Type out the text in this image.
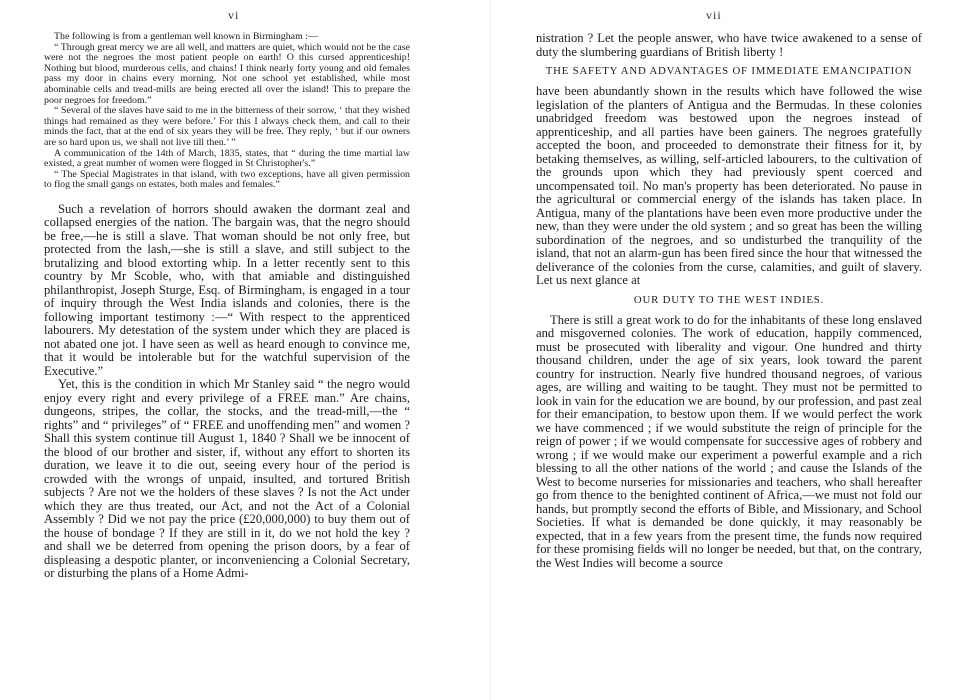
vi

The following is from a gentleman well known in Birmingham :—

“ Through great mercy we are all well, and matters are quiet, which would not be the case were not the negroes the most patient people on earth! O this cursed apprenticeship! Nothing but blood, murderous cells, and chains! I think nearly forty young and old females pass my door in chains every morning. Not one school yet established, while most abominable cells and tread-mills are being erected all over the island! This to prepare the poor negroes for freedom.”

“ Several of the slaves have said to me in the bitterness of their sorrow, ‘ that they wished things had remained as they were before.’ For this I always check them, and call to their minds the fact, that at the end of six years they will be free. They reply, ‘ but if our owners are so hard upon us, we shall not live till then.’ ”

A communication of the 14th of March, 1835, states, that “ during the time martial law existed, a great number of women were flogged in St Christopher's.”

“ The Special Magistrates in that island, with two exceptions, have all given permission to flog the small gangs on estates, both males and females.”

Such a revelation of horrors should awaken the dormant zeal and collapsed energies of the nation. The bargain was, that the negro should be free,—he is still a slave. That woman should be not only free, but protected from the lash,—she is still a slave, and still subject to the brutalizing and blood extorting whip. In a letter recently sent to this country by Mr Scoble, who, with that amiable and distinguished philanthropist, Joseph Sturge, Esq. of Birmingham, is engaged in a tour of inquiry through the West India islands and colonies, there is the following important testimony :—“ With respect to the apprenticed labourers. My detestation of the system under which they are placed is not abated one jot. I have seen as well as heard enough to convince me, that it would be intolerable but for the watchful supervision of the Executive.”

Yet, this is the condition in which Mr Stanley said “ the negro would enjoy every right and every privilege of a FREE man.” Are chains, dungeons, stripes, the collar, the stocks, and the tread-mill,—the “ rights” and “ privileges” of “ FREE and unoffending men” and women ? Shall this system continue till August 1, 1840 ? Shall we be innocent of the blood of our brother and sister, if, without any effort to shorten its duration, we leave it to die out, seeing every hour of the period is crowded with the wrongs of unpaid, insulted, and tortured British subjects ? Are not we the holders of these slaves ? Is not the Act under which they are thus treated, our Act, and not the Act of a Colonial Assembly ? Did we not pay the price (£20,000,000) to buy them out of the house of bondage ? If they are still in it, do we not hold the key ? and shall we be deterred from opening the prison doors, by a fear of displeasing a despotic planter, or inconveniencing a Colonial Secretary, or disturbing the plans of a Home Admi-

vii

nistration ? Let the people answer, who have twice awakened to a sense of duty the slumbering guardians of British liberty !

THE SAFETY AND ADVANTAGES OF IMMEDIATE EMANCIPATION

have been abundantly shown in the results which have followed the wise legislation of the planters of Antigua and the Bermudas. In these colonies unabridged freedom was bestowed upon the negroes instead of apprenticeship, and all parties have been gainers. The negroes gratefully accepted the boon, and proceeded to demonstrate their fitness for it, by betaking themselves, as willing, self-articled labourers, to the cultivation of the grounds upon which they had previously spent coerced and uncompensated toil. No man's property has been deteriorated. No pause in the agricultural or commercial energy of the islands has taken place. In Antigua, many of the plantations have been even more productive under the new, than they were under the old system ; and so great has been the willing subordination of the negroes, and so undisturbed the tranquility of the island, that not an alarm-gun has been fired since the hour that witnessed the deliverance of the colonies from the curse, calamities, and guilt of slavery. Let us next glance at

OUR DUTY TO THE WEST INDIES.

There is still a great work to do for the inhabitants of these long enslaved and misgoverned colonies. The work of education, happily commenced, must be prosecuted with liberality and vigour. One hundred and thirty thousand children, under the age of six years, look toward the parent country for instruction. Nearly five hundred thousand negroes, of various ages, are willing and waiting to be taught. They must not be permitted to look in vain for the education we are bound, by our profession, and past zeal for their emancipation, to bestow upon them. If we would perfect the work we have commenced ; if we would substitute the reign of principle for the reign of power ; if we would compensate for successive ages of robbery and wrong ; if we would make our experiment a powerful example and a rich blessing to all the other nations of the world ; and cause the Islands of the West to become nurseries for missionaries and teachers, who shall hereafter go from thence to the benighted continent of Africa,—we must not fold our hands, but promptly second the efforts of Bible, and Missionary, and School Societies. If what is demanded be done quickly, it may reasonably be expected, that in a few years from the present time, the funds now required for these promising fields will no longer be needed, but that, on the contrary, the West Indies will become a source
